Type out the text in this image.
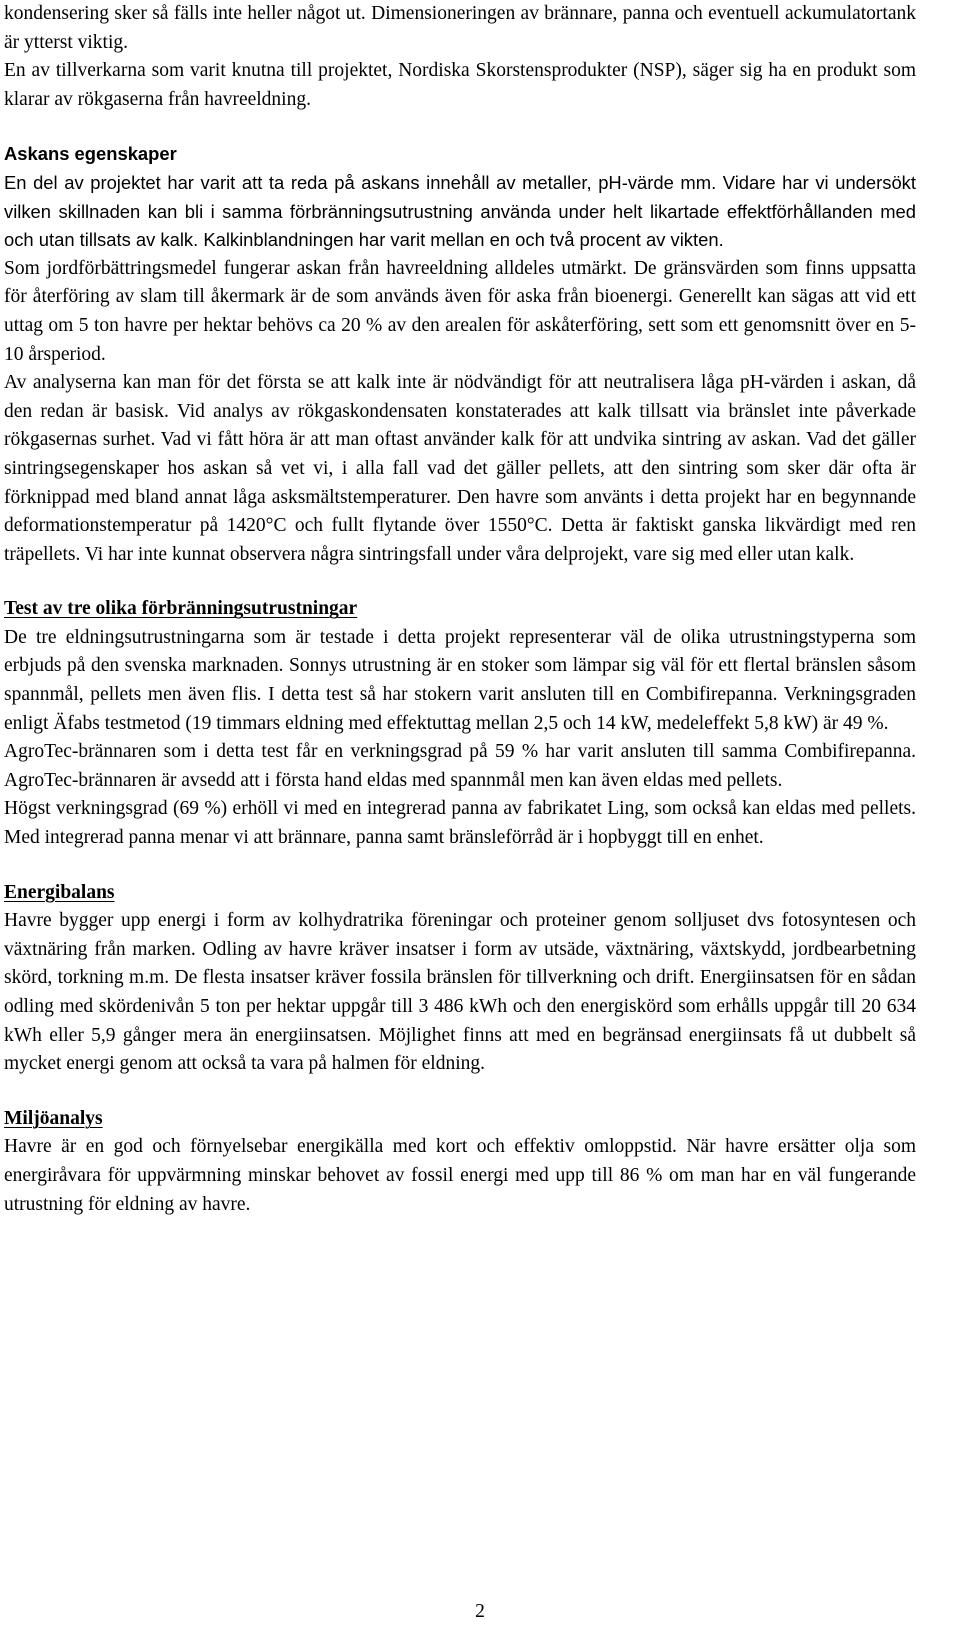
kondensering sker så fälls inte heller något ut. Dimensioneringen av brännare, panna och eventuell ackumulatortank är ytterst viktig.

En av tillverkarna som varit knutna till projektet, Nordiska Skorstensprodukter (NSP), säger sig ha en produkt som klarar av rökgaserna från havreeldning.

Askans egenskaper

En del av projektet har varit att ta reda på askans innehåll av metaller, pH-värde mm. Vidare har vi undersökt vilken skillnaden kan bli i samma förbränningsutrustning använda under helt likartade effektförhållanden med och utan tillsats av kalk. Kalkinblandningen har varit mellan en och två procent av vikten.

Som jordförbättringsmedel fungerar askan från havreeldning alldeles utmärkt. De gränsvärden som finns uppsatta för återföring av slam till åkermark är de som används även för aska från bioenergi. Generellt kan sägas att vid ett uttag om 5 ton havre per hektar behövs ca 20 % av den arealen för askåterföring, sett som ett genomsnitt över en 5-10 årsperiod.

Av analyserna kan man för det första se att kalk inte är nödvändigt för att neutralisera låga pH-värden i askan, då den redan är basisk. Vid analys av rökgaskondensaten konstaterades att kalk tillsatt via bränslet inte påverkade rökgasernas surhet. Vad vi fått höra är att man oftast använder kalk för att undvika sintring av askan. Vad det gäller sintringsegenskaper hos askan så vet vi, i alla fall vad det gäller pellets, att den sintring som sker där ofta är förknippad med bland annat låga asksmältstemperaturer. Den havre som använts i detta projekt har en begynnande deformationstemperatur på 1420°C och fullt flytande över 1550°C. Detta är faktiskt ganska likvärdigt med ren träpellets. Vi har inte kunnat observera några sintringsfall under våra delprojekt, vare sig med eller utan kalk.

Test av tre olika förbränningsutrustningar

De tre eldningsutrustningarna som är testade i detta projekt representerar väl de olika utrustningstyperna som erbjuds på den svenska marknaden. Sonnys utrustning är en stoker som lämpar sig väl för ett flertal bränslen såsom spannmål, pellets men även flis. I detta test så har stokern varit ansluten till en Combifirepanna. Verkningsgraden enligt Äfabs testmetod (19 timmars eldning med effektuttag mellan 2,5 och 14 kW, medeleffekt 5,8 kW) är 49 %.

AgroTec-brännaren som i detta test får en verkningsgrad på 59 % har varit ansluten till samma Combifirepanna. AgroTec-brännaren är avsedd att i första hand eldas med spannmål men kan även eldas med pellets.

Högst verkningsgrad (69 %) erhöll vi med en integrerad panna av fabrikatet Ling, som också kan eldas med pellets. Med integrerad panna menar vi att brännare, panna samt bränsleförråd är i hopbyggt till en enhet.

Energibalans

Havre bygger upp energi i form av kolhydratrika föreningar och proteiner genom solljuset dvs fotosyntesen och växtnäring från marken. Odling av havre kräver insatser i form av utsäde, växtnäring, växtskydd, jordbearbetning skörd, torkning m.m. De flesta insatser kräver fossila bränslen för tillverkning och drift. Energiinsatsen för en sådan odling med skördenivån 5 ton per hektar uppgår till 3 486 kWh och den energiskörd som erhålls uppgår till 20 634 kWh eller 5,9 gånger mera än energiinsatsen. Möjlighet finns att med en begränsad energiinsats få ut dubbelt så mycket energi genom att också ta vara på halmen för eldning.

Miljöanalys

Havre är en god och förnyelsebar energikälla med kort och effektiv omloppstid. När havre ersätter olja som energiråvara för uppvärmning minskar behovet av fossil energi med upp till 86 % om man har en väl fungerande utrustning för eldning av havre.

2
